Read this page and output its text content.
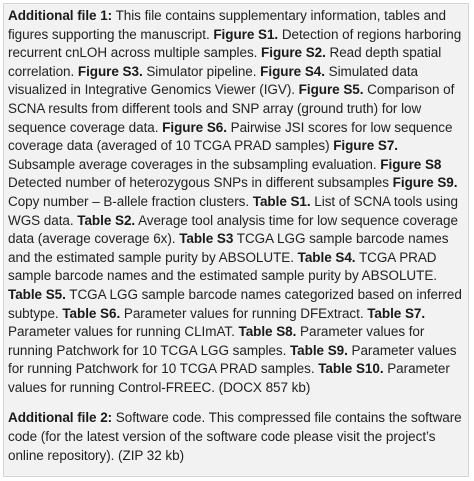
Additional file 1: This file contains supplementary information, tables and figures supporting the manuscript. Figure S1. Detection of regions harboring recurrent cnLOH across multiple samples. Figure S2. Read depth spatial correlation. Figure S3. Simulator pipeline. Figure S4. Simulated data visualized in Integrative Genomics Viewer (IGV). Figure S5. Comparison of SCNA results from different tools and SNP array (ground truth) for low sequence coverage data. Figure S6. Pairwise JSI scores for low sequence coverage data (averaged of 10 TCGA PRAD samples) Figure S7. Subsample average coverages in the subsampling evaluation. Figure S8 Detected number of heterozygous SNPs in different subsamples Figure S9. Copy number – B-allele fraction clusters. Table S1. List of SCNA tools using WGS data. Table S2. Average tool analysis time for low sequence coverage data (average coverage 6x). Table S3 TCGA LGG sample barcode names and the estimated sample purity by ABSOLUTE. Table S4. TCGA PRAD sample barcode names and the estimated sample purity by ABSOLUTE. Table S5. TCGA LGG sample barcode names categorized based on inferred subtype. Table S6. Parameter values for running DFExtract. Table S7. Parameter values for running CLImAT. Table S8. Parameter values for running Patchwork for 10 TCGA LGG samples. Table S9. Parameter values for running Patchwork for 10 TCGA PRAD samples. Table S10. Parameter values for running Control-FREEC. (DOCX 857 kb)

Additional file 2: Software code. This compressed file contains the software code (for the latest version of the software code please visit the project’s online repository). (ZIP 32 kb)
